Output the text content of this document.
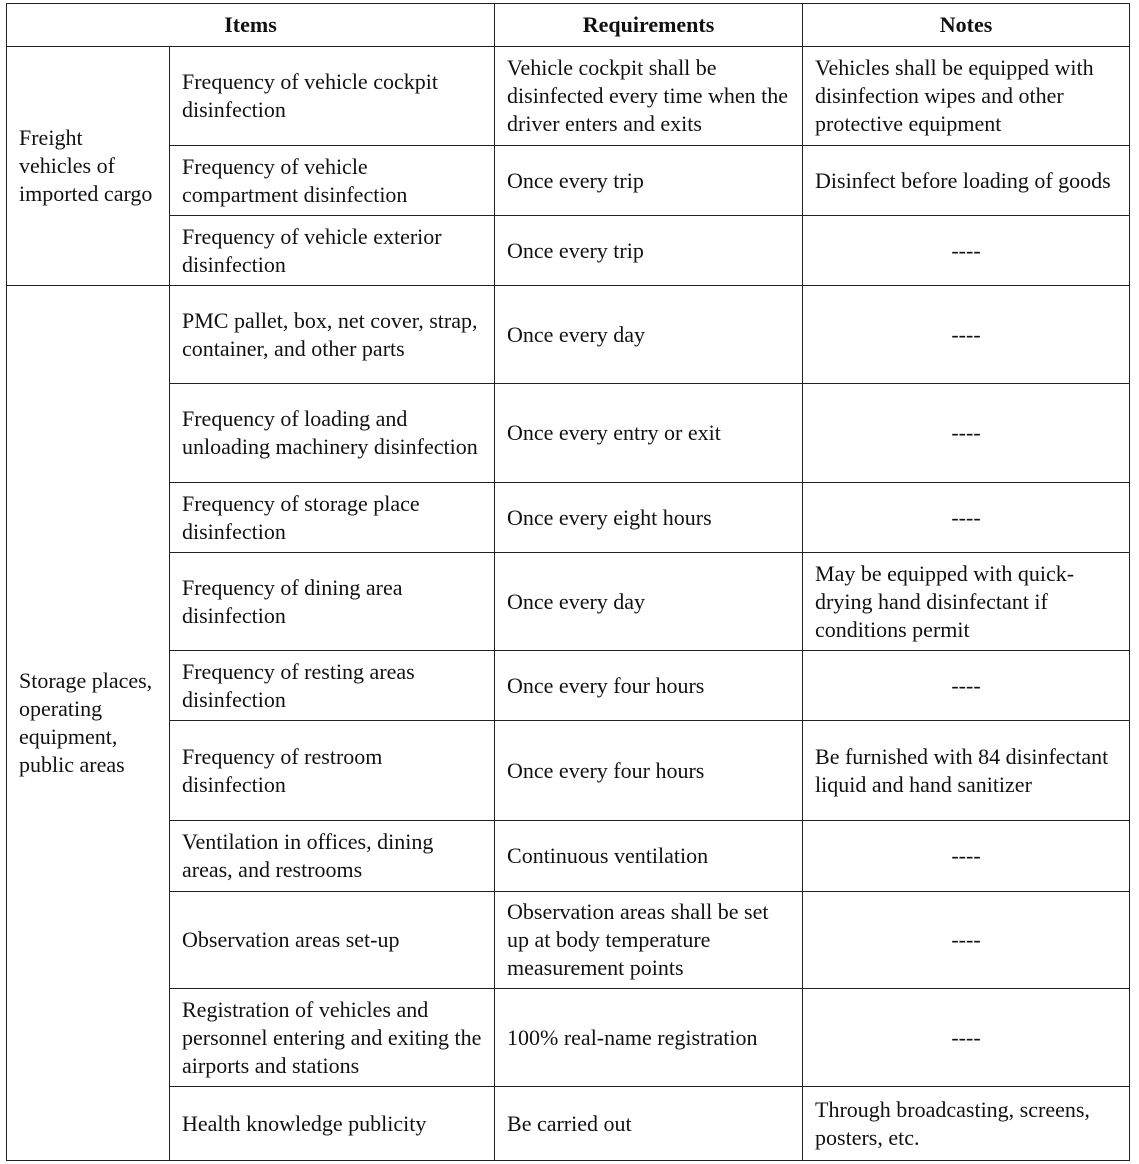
Items		Requirements	Notes
Freight vehicles of imported cargo	Frequency of vehicle cockpit disinfection	Vehicle cockpit shall be disinfected every time when the driver enters and exits	Vehicles shall be equipped with disinfection wipes and other protective equipment
	Frequency of vehicle compartment disinfection	Once every trip	Disinfect before loading of goods
	Frequency of vehicle exterior disinfection	Once every trip	----
Storage places, operating equipment, public areas	PMC pallet, box, net cover, strap, container, and other parts	Once every day	----
	Frequency of loading and unloading machinery disinfection	Once every entry or exit	----
	Frequency of storage place disinfection	Once every eight hours	----
	Frequency of dining area disinfection	Once every day	May be equipped with quick-drying hand disinfectant if conditions permit
	Frequency of resting areas disinfection	Once every four hours	----
	Frequency of restroom disinfection	Once every four hours	Be furnished with 84 disinfectant liquid and hand sanitizer
	Ventilation in offices, dining areas, and restrooms	Continuous ventilation	----
	Observation areas set-up	Observation areas shall be set up at body temperature measurement points	----
	Registration of vehicles and personnel entering and exiting the airports and stations	100% real-name registration	----
	Health knowledge publicity	Be carried out	Through broadcasting, screens, posters, etc.
